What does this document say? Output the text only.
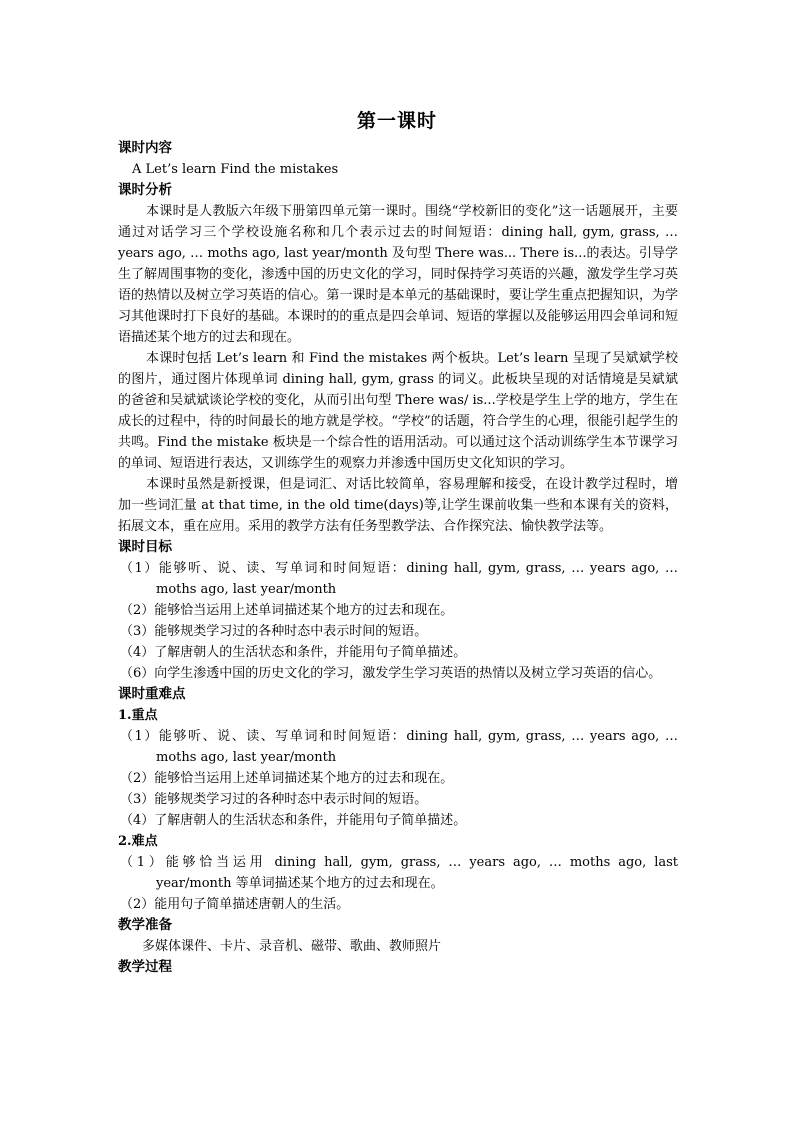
第一课时
课时内容

A Let’s learn Find the mistakes

课时分析

本课时是人教版六年级下册第四单元第一课时。围绕“学校新旧的变化”这一话题展开，主要通过对话学习三个学校设施名称和几个表示过去的时间短语：dining hall, gym, grass, … years ago, … moths ago, last year/month 及句型 There was... There is...的表达。引导学生了解周围事物的变化，渗透中国的历史文化的学习，同时保持学习英语的兴趣，激发学生学习英语的热情以及树立学习英语的信心。第一课时是本单元的基础课时，要让学生重点把握知识，为学习其他课时打下良好的基础。本课时的的重点是四会单词、短语的掌握以及能够运用四会单词和短语描述某个地方的过去和现在。

本课时包括 Let’s learn 和 Find the mistakes 两个板块。Let’s learn 呈现了吴斌斌学校的图片，通过图片体现单词 dining hall, gym, grass 的词义。此板块呈现的对话情境是吴斌斌的爸爸和吴斌斌谈论学校的变化，从而引出句型 There was/ is...学校是学生上学的地方，学生在成长的过程中，待的时间最长的地方就是学校。“学校”的话题，符合学生的心理，很能引起学生的共鸣。Find the mistake 板块是一个综合性的语用活动。可以通过这个活动训练学生本节课学习的单词、短语进行表达，又训练学生的观察力并渗透中国历史文化知识的学习。

本课时虽然是新授课，但是词汇、对话比较简单，容易理解和接受，在设计教学过程时，增加一些词汇量 at that time, in the old time(days)等,让学生课前收集一些和本课有关的资料，拓展文本，重在应用。采用的教学方法有任务型教学法、合作探究法、愉快教学法等。

课时目标

（1）能够听、说、读、写单词和时间短语：dining hall, gym, grass, … years ago, … moths ago, last year/month

（2）能够恰当运用上述单词描述某个地方的过去和现在。

（3）能够规类学习过的各种时态中表示时间的短语。

（4）了解唐朝人的生活状态和条件，并能用句子简单描述。

（6）向学生渗透中国的历史文化的学习，激发学生学习英语的热情以及树立学习英语的信心。

课时重难点
1.重点

（1）能够听、说、读、写单词和时间短语：dining hall, gym, grass, … years ago, … moths ago, last year/month

（2）能够恰当运用上述单词描述某个地方的过去和现在。

（3）能够规类学习过的各种时态中表示时间的短语。

（4）了解唐朝人的生活状态和条件，并能用句子简单描述。

2.难点

（1）能够恰当运用 dining hall, gym, grass, … years ago, … moths ago, last year/month 等单词描述某个地方的过去和现在。

（2）能用句子简单描述唐朝人的生活。

教学准备

多媒体课件、卡片、录音机、磁带、歌曲、教师照片

教学过程
